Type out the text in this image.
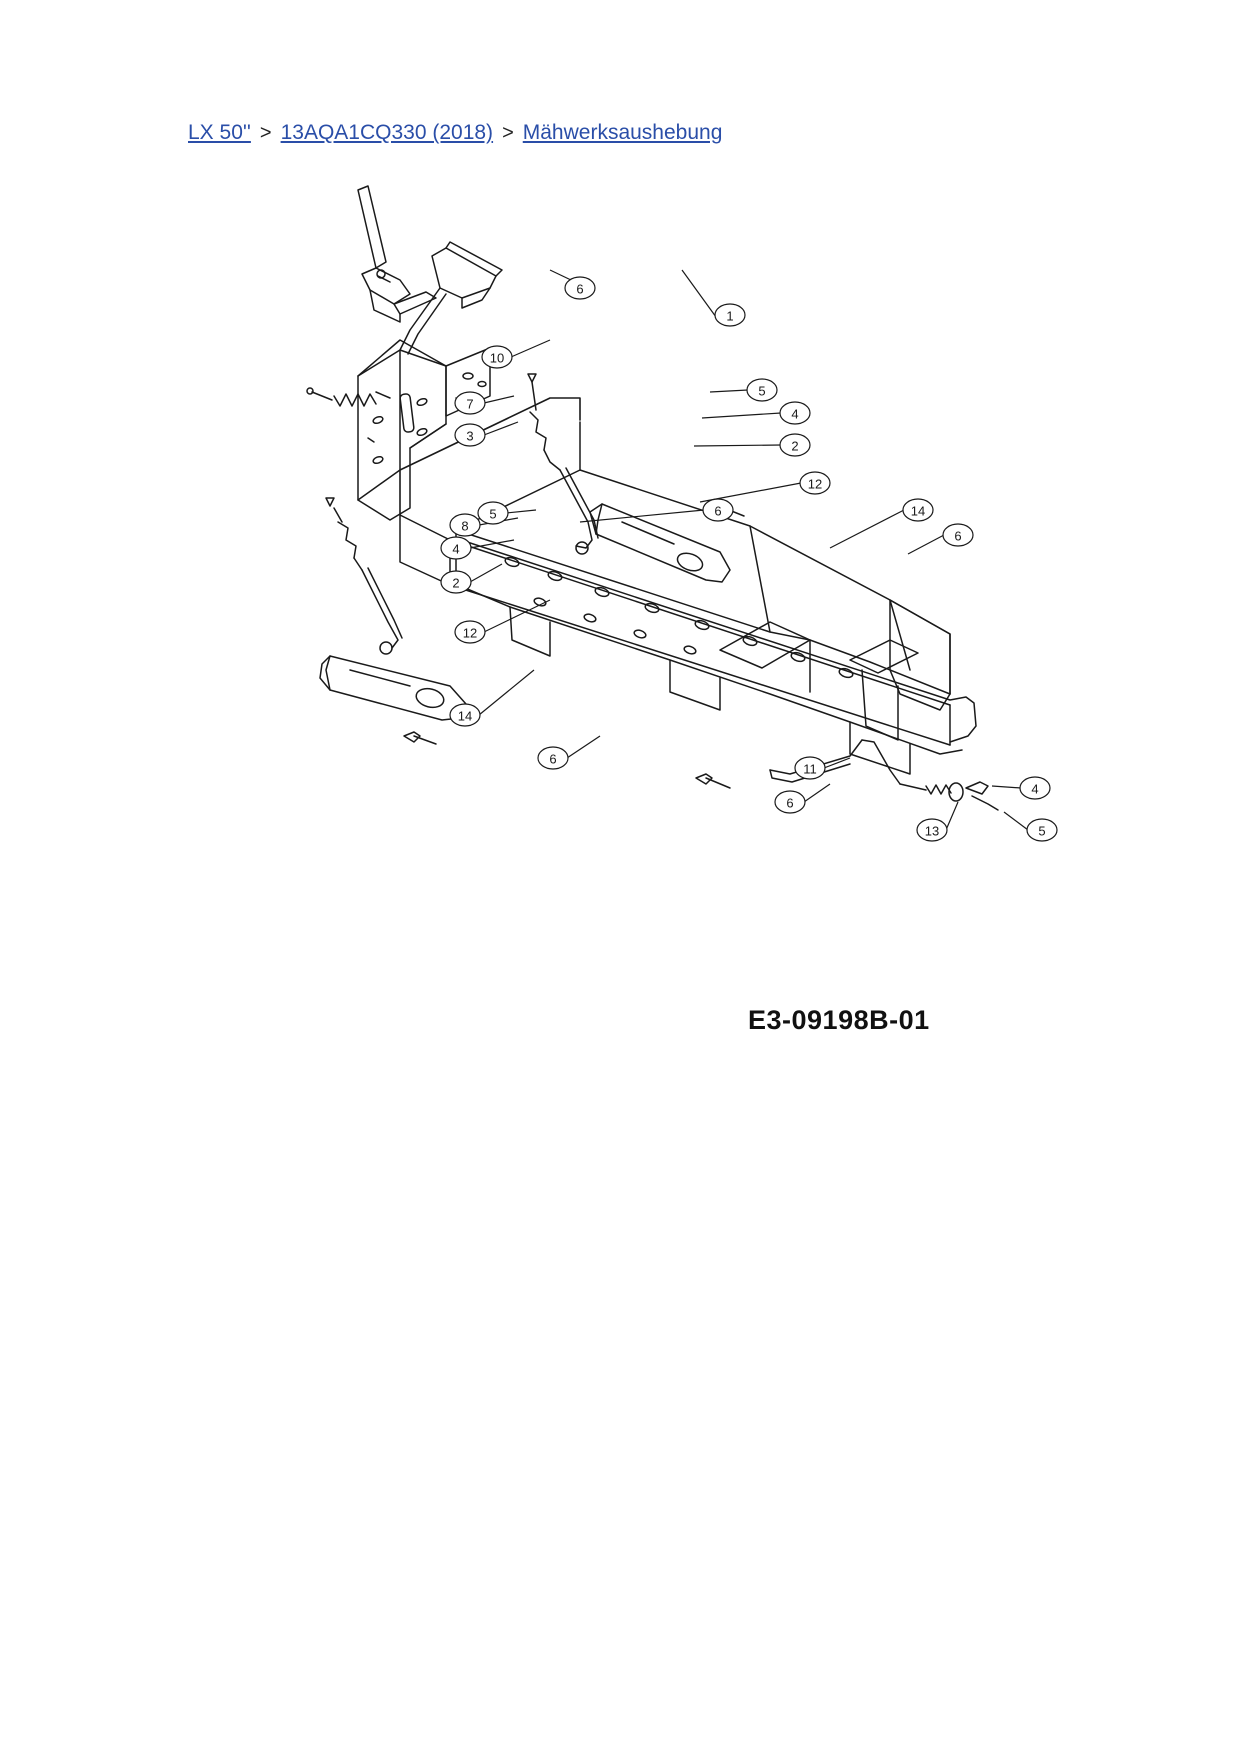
LX 50'' > 13AQA1CQ330 (2018) > Mähwerksaushebung
1
6
10
7
3
5
4
2
12
6	14
6
5
8
4
2
12
14
6
11
6
4
13	5
E3-09198B-01
